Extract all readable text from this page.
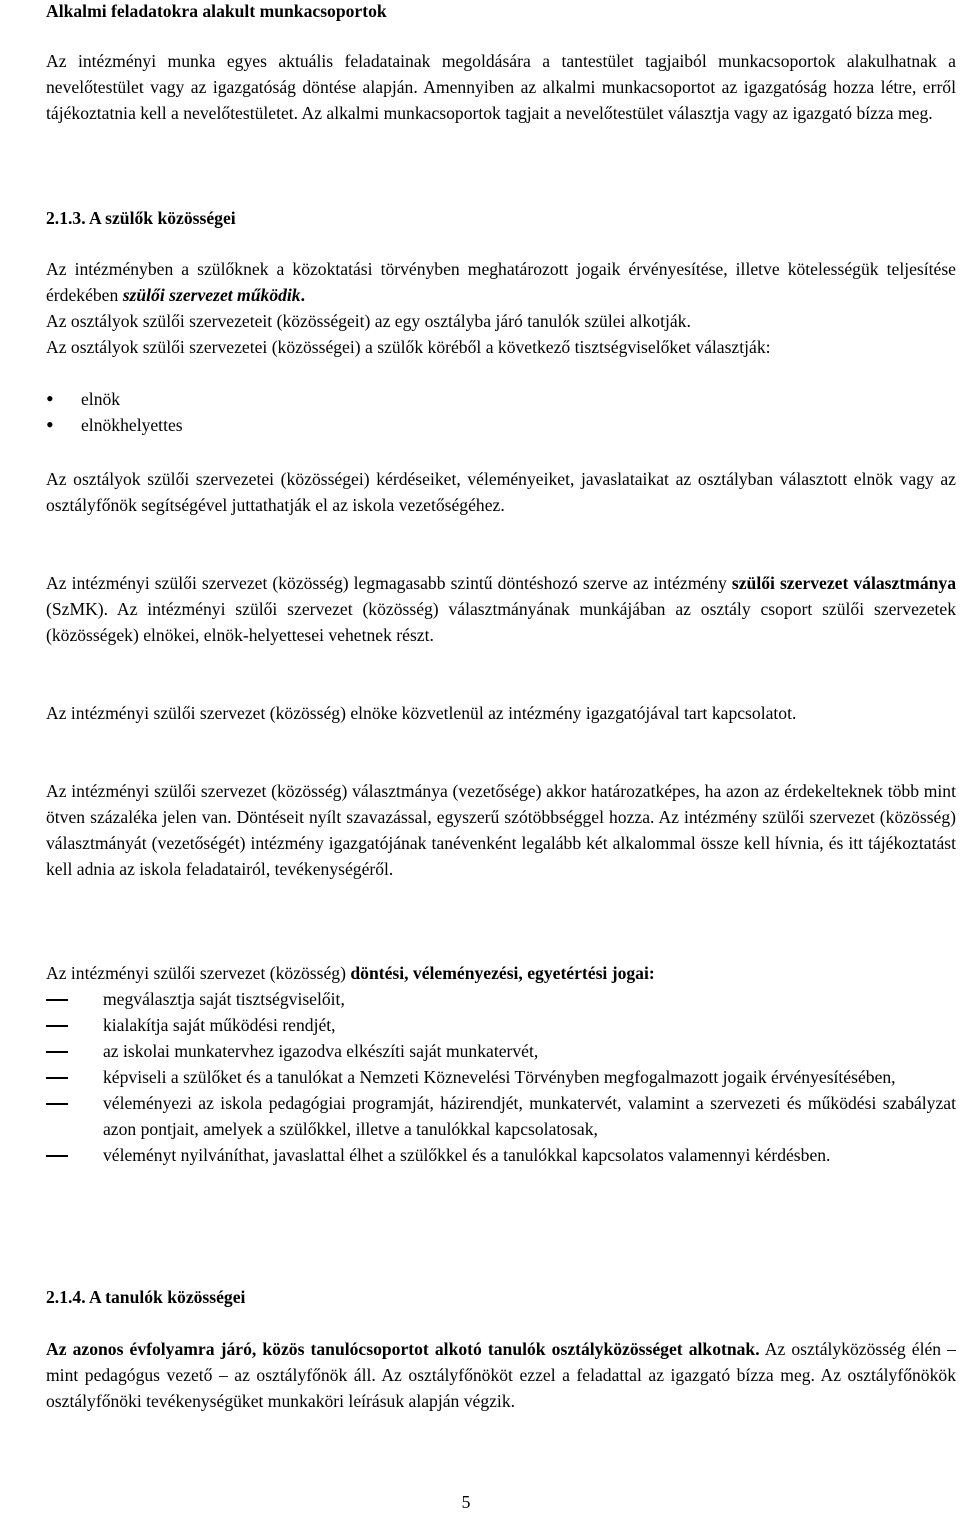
Alkalmi feladatokra alakult munkacsoportok
Az intézményi munka egyes aktuális feladatainak megoldására a tantestület tagjaiból munkacsoportok alakulhatnak a nevelőtestület vagy az igazgatóság döntése alapján. Amennyiben az alkalmi munkacsoportot az igazgatóság hozza létre, erről tájékoztatnia kell a nevelőtestületet. Az alkalmi munkacsoportok tagjait a nevelőtestület választja vagy az igazgató bízza meg.
2.1.3. A szülők közösségei
Az intézményben a szülőknek a közoktatási törvényben meghatározott jogaik érvényesítése, illetve kötelességük teljesítése érdekében szülői szervezet működik.
Az osztályok szülői szervezeteit (közösségeit) az egy osztályba járó tanulók szülei alkotják.
Az osztályok szülői szervezetei (közösségei) a szülők köréből a következő tisztségviselőket választják:
• elnök
• elnökhelyettes
Az osztályok szülői szervezetei (közösségei) kérdéseiket, véleményeiket, javaslataikat az osztályban választott elnök vagy az osztályfőnök segítségével juttathatják el az iskola vezetőségéhez.
Az intézményi szülői szervezet (közösség) legmagasabb szintű döntéshozó szerve az intézmény szülői szervezet választmánya (SzMK). Az intézményi szülői szervezet (közösség) választmányának munkájában az osztály csoport szülői szervezetek (közösségek) elnökei, elnök-helyettesei vehetnek részt.
Az intézményi szülői szervezet (közösség) elnöke közvetlenül az intézmény igazgatójával tart kapcsolatot.
Az intézményi szülői szervezet (közösség) választmánya (vezetősége) akkor határozatképes, ha azon az érdekelteknek több mint ötven százaléka jelen van. Döntéseit nyílt szavazással, egyszerű szótöbbséggel hozza. Az intézmény szülői szervezet (közösség) választmányát (vezetőségét) intézmény igazgatójának tanévenként legalább két alkalommal össze kell hívnia, és itt tájékoztatást kell adnia az iskola feladatairól, tevékenységéről.
Az intézményi szülői szervezet (közösség) döntési, véleményezési, egyetértési jogai:
megválasztja saját tisztségviselőit,
kialakítja saját működési rendjét,
az iskolai munkatervhez igazodva elkészíti saját munkatervét,
képviseli a szülőket és a tanulókat a Nemzeti Köznevelési Törvényben megfogalmazott jogaik érvényesítésében,
véleményezi az iskola pedagógiai programját, házirendjét, munkatervét, valamint a szervezeti és működési szabályzat azon pontjait, amelyek a szülőkkel, illetve a tanulókkal kapcsolatosak,
véleményt nyilváníthat, javaslattal élhet a szülőkkel és a tanulókkal kapcsolatos valamennyi kérdésben.
2.1.4. A tanulók közösségei
Az azonos évfolyamra járó, közös tanulócsoportot alkotó tanulók osztályközösséget alkotnak. Az osztályközösség élén – mint pedagógus vezető – az osztályfőnök áll. Az osztályfőnököt ezzel a feladattal az igazgató bízza meg. Az osztályfőnökök osztályfőnöki tevékenységüket munkaköri leírásuk alapján végzik.
5
